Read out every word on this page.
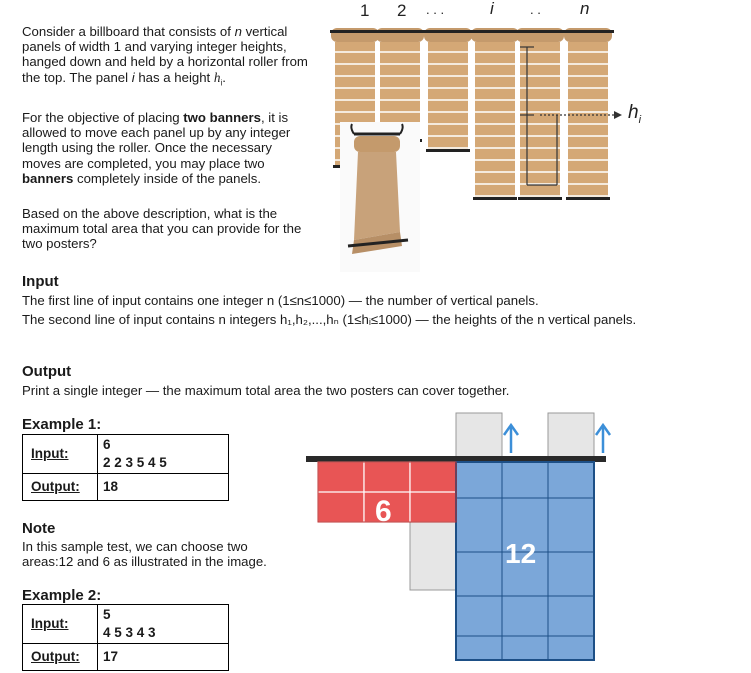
Consider a billboard that consists of n vertical panels of width 1 and varying integer heights, hanged down and held by a horizontal roller from the top. The panel i has a height $h_i$.
For the objective of placing two banners, it is allowed to move each panel up by any integer length using the roller. Once the necessary moves are completed, you may place two banners completely inside of the panels.
Based on the above description, what is the maximum total area that you can provide for the two posters?
1 2 . . .	i	. . n
$h_i$
Input
The first line of input contains one integer n (1≤n≤1000) — the number of vertical panels.
The second line of input contains n integers h₁,h₂,...,hₙ (1≤hᵢ≤1000) — the heights of the n vertical panels.
Output
Print a single integer — the maximum total area the two posters can cover together.
Example 1:
Input:
6
2 2 3 5 4 5
Output: 18
Note
In this sample test, we can choose two areas:12 and 6 as illustrated in the image.
Example 2:
Input:
5
4 5 3 4 3
Output: 17
6
12
